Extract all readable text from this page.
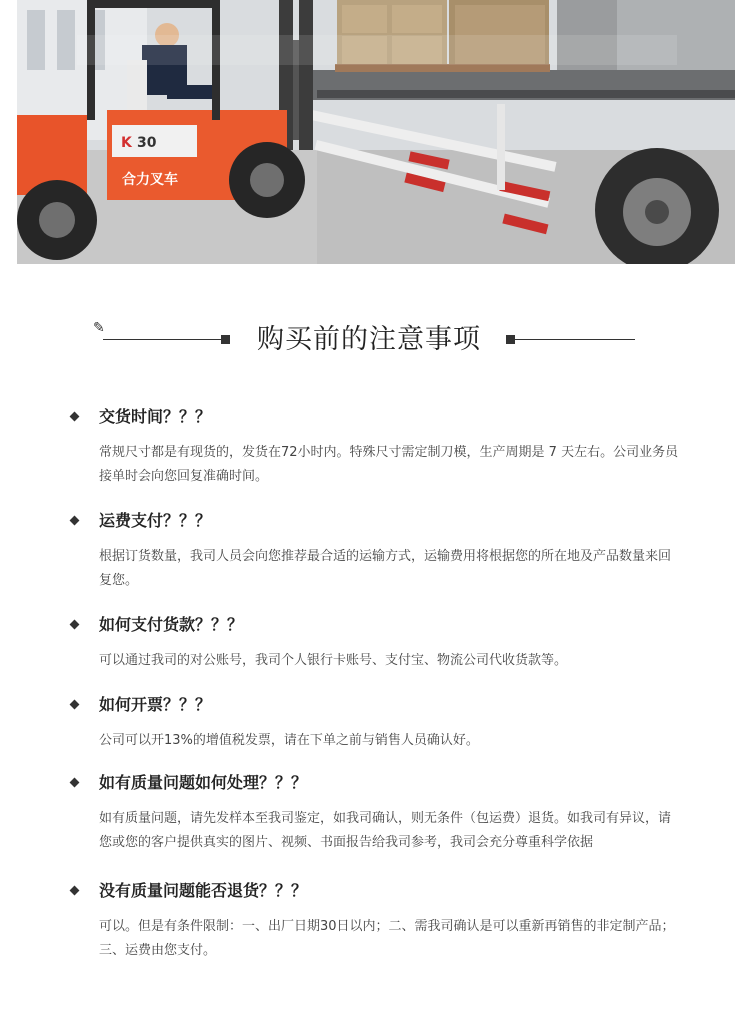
K 30
合力叉车
✎	购买前的注意事项

交货时间？？？

常规尺寸都是有现货的，发货在72小时内。特殊尺寸需定制刀模，生产周期是 7 天左右。公司业务员接单时会向您回复准确时间。

运费支付？？？

根据订货数量，我司人员会向您推荐最合适的运输方式，运输费用将根据您的所在地及产品数量来回复您。

如何支付货款？？？

可以通过我司的对公账号，我司个人银行卡账号、支付宝、物流公司代收货款等。

如何开票？？？

公司可以开13%的增值税发票，请在下单之前与销售人员确认好。

如有质量问题如何处理？？？

如有质量问题，请先发样本至我司鉴定，如我司确认，则无条件（包运费）退货。如我司有异议，请您或您的客户提供真实的图片、视频、书面报告给我司参考，我司会充分尊重科学依据

没有质量问题能否退货？？？

可以。但是有条件限制：一、出厂日期30日以内；二、需我司确认是可以重新再销售的非定制产品；三、运费由您支付。
